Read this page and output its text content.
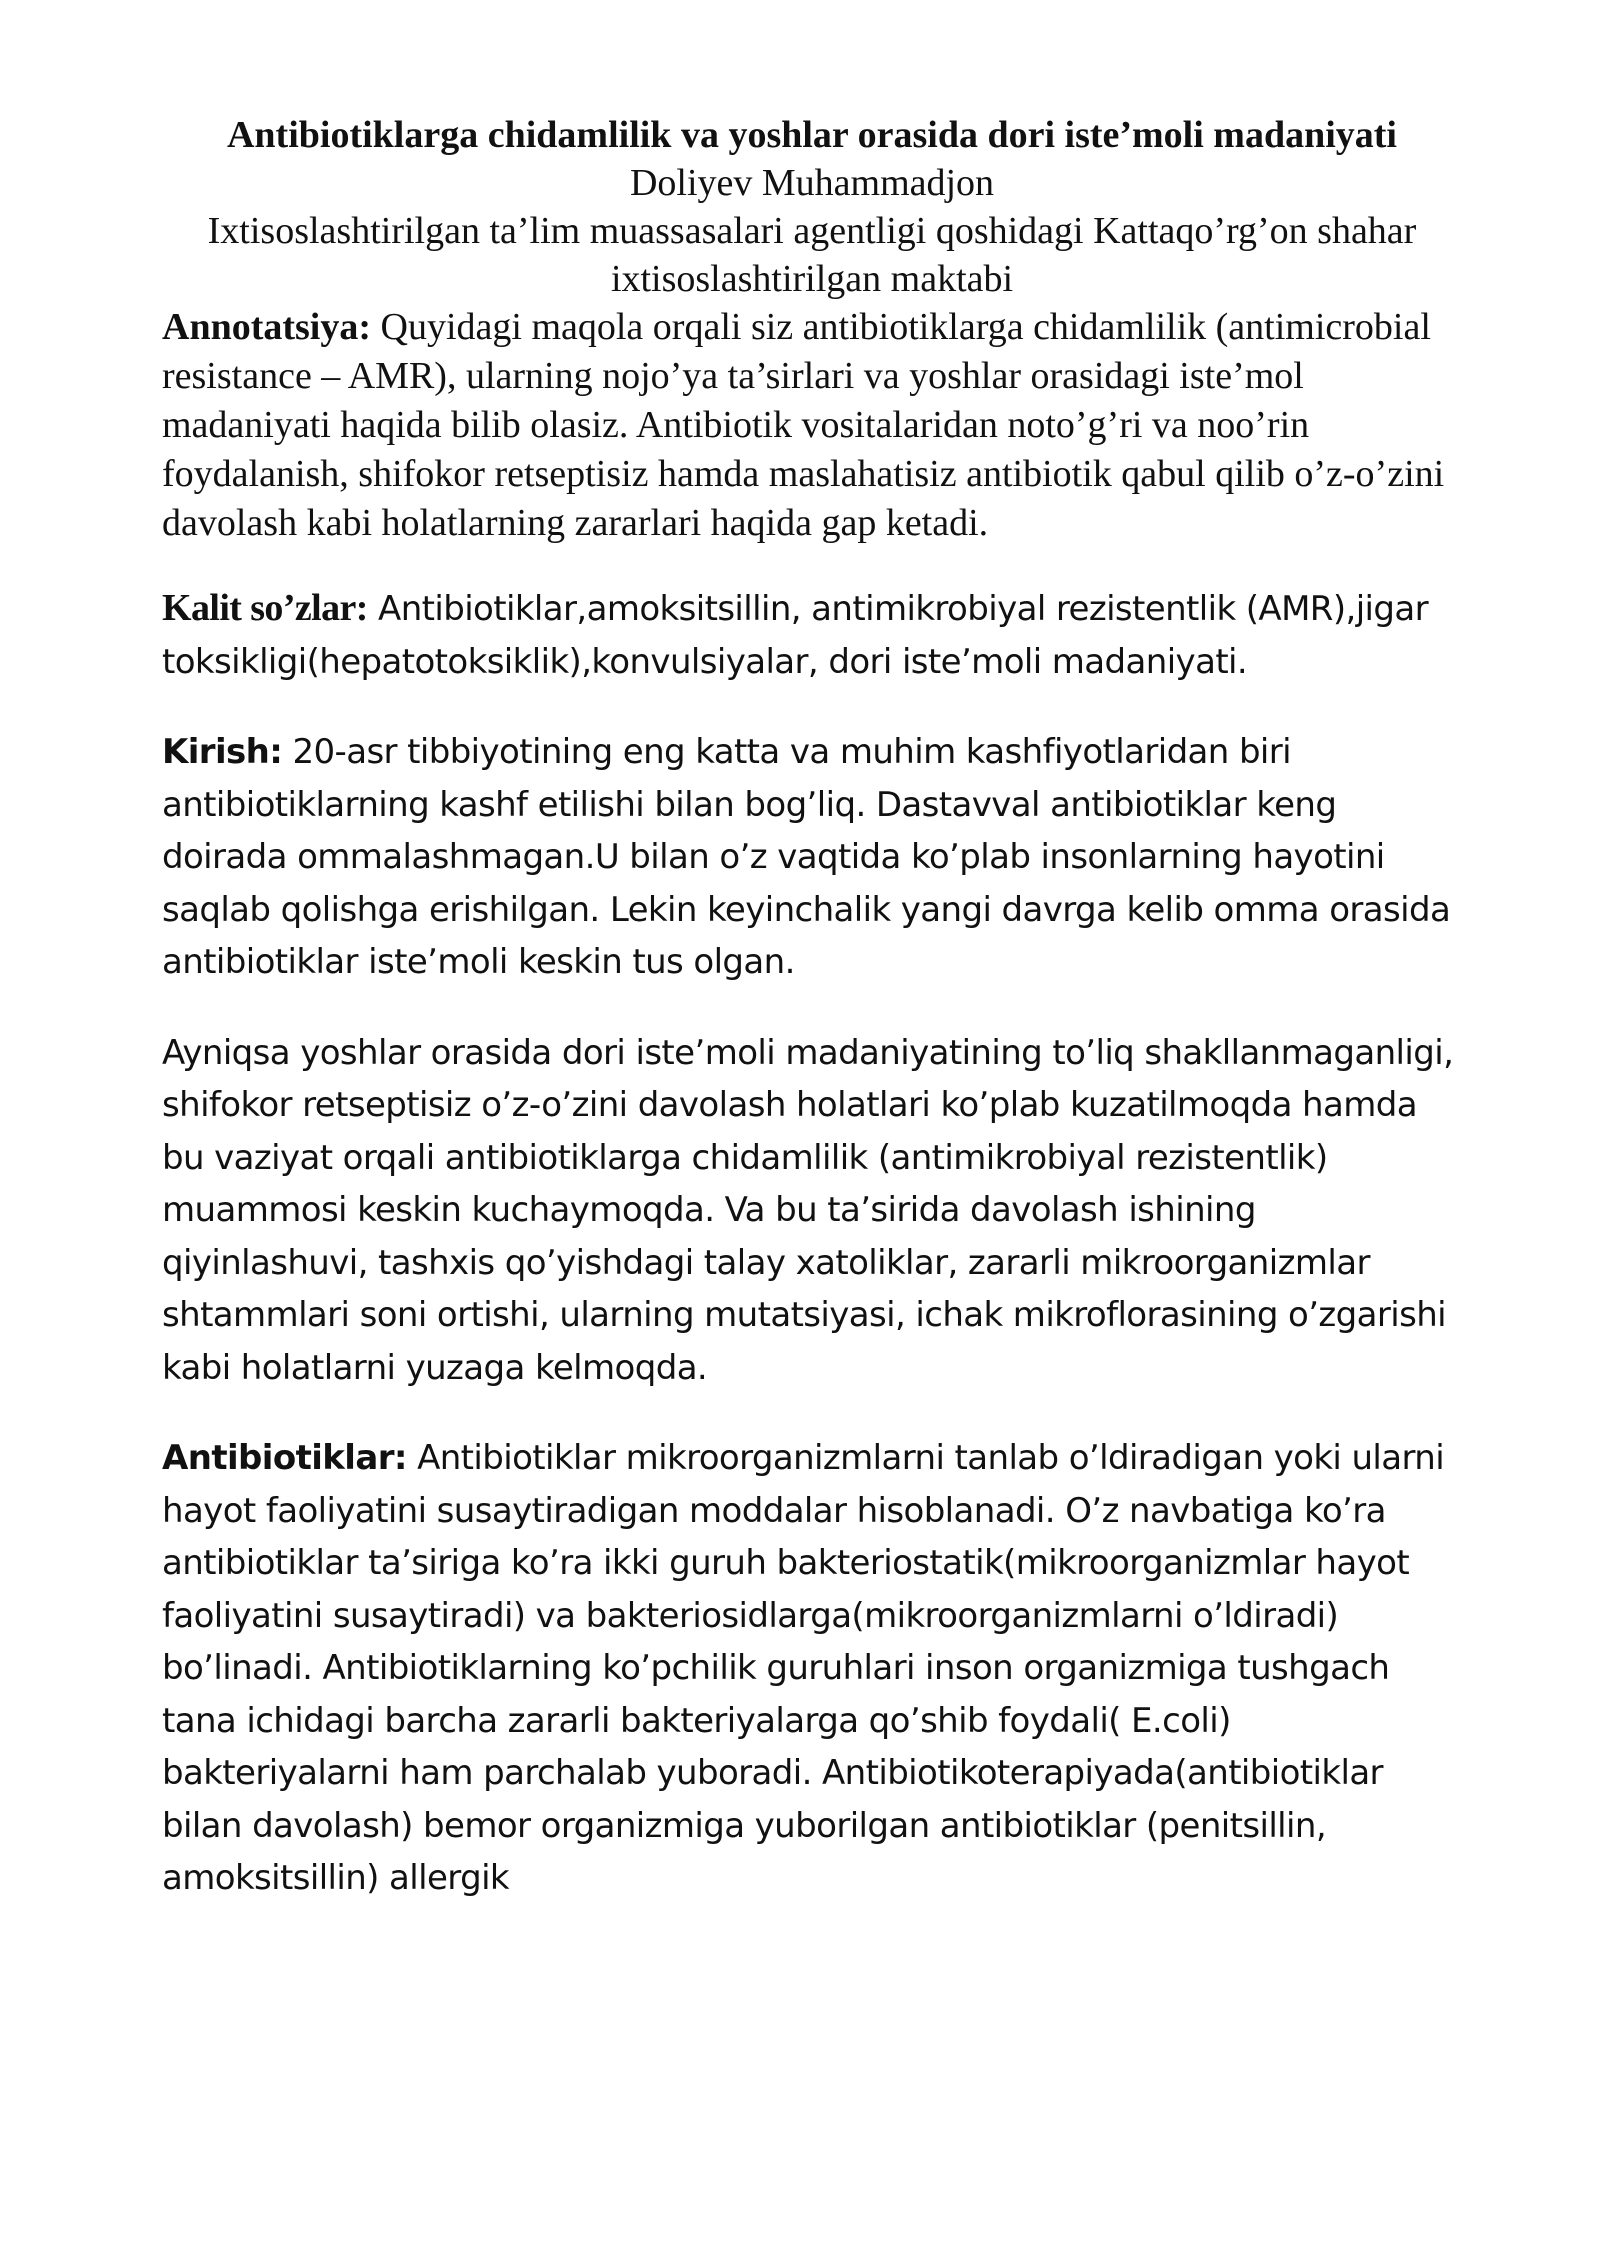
Antibiotiklarga chidamlilik va yoshlar orasida dori iste’moli madaniyati

Doliyev Muhammadjon

Ixtisoslashtirilgan ta’lim muassasalari agentligi qoshidagi Kattaqo’rg’on shahar ixtisoslashtirilgan maktabi

Annotatsiya: Quyidagi maqola orqali siz antibiotiklarga chidamlilik (antimicrobial resistance – AMR), ularning nojo’ya ta’sirlari va yoshlar orasidagi iste’mol madaniyati haqida bilib olasiz. Antibiotik vositalaridan noto’g’ri va noo’rin foydalanish, shifokor retseptisiz hamda maslahatisiz antibiotik qabul qilib o’z-o’zini davolash kabi holatlarning zararlari haqida gap ketadi.

Kalit so’zlar: Antibiotiklar,amoksitsillin, antimikrobiyal rezistentlik (AMR),jigar toksikligi(hepatotoksiklik),konvulsiyalar, dori iste’moli madaniyati.

Kirish: 20-asr tibbiyotining eng katta va muhim kashfiyotlaridan biri antibiotiklarning kashf etilishi bilan bog’liq. Dastavval antibiotiklar keng doirada ommalashmagan.U bilan o’z vaqtida ko’plab insonlarning hayotini saqlab qolishga erishilgan. Lekin keyinchalik yangi davrga kelib omma orasida antibiotiklar iste’moli keskin tus olgan.

Ayniqsa yoshlar orasida dori iste’moli madaniyatining to’liq shakllanmaganligi, shifokor retseptisiz o’z-o’zini davolash holatlari ko’plab kuzatilmoqda hamda bu vaziyat orqali antibiotiklarga chidamlilik (antimikrobiyal rezistentlik) muammosi keskin kuchaymoqda. Va bu ta’sirida davolash ishining qiyinlashuvi, tashxis qo’yishdagi talay xatoliklar, zararli mikroorganizmlar shtammlari soni ortishi, ularning mutatsiyasi, ichak mikroflorasining o’zgarishi kabi holatlarni yuzaga kelmoqda.

Antibiotiklar: Antibiotiklar mikroorganizmlarni tanlab o’ldiradigan yoki ularni hayot faoliyatini susaytiradigan moddalar hisoblanadi. O’z navbatiga ko’ra antibiotiklar ta’siriga ko’ra ikki guruh bakteriostatik(mikroorganizmlar hayot faoliyatini susaytiradi) va bakteriosidlarga(mikroorganizmlarni o’ldiradi) bo’linadi. Antibiotiklarning ko’pchilik guruhlari inson organizmiga tushgach tana ichidagi barcha zararli bakteriyalarga qo’shib foydali( E.coli) bakteriyalarni ham parchalab yuboradi. Antibiotikoterapiyada(antibiotiklar bilan davolash) bemor organizmiga yuborilgan antibiotiklar (penitsillin, amoksitsillin) allergik
